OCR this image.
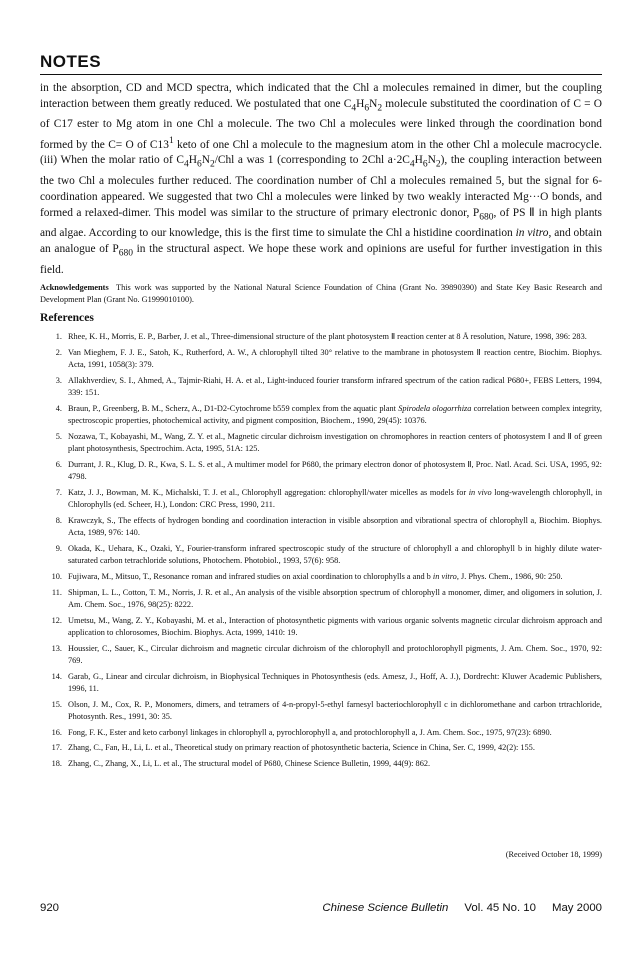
NOTES

in the absorption, CD and MCD spectra, which indicated that the Chl a molecules remained in dimer, but the coupling interaction between them greatly reduced. We postulated that one $C_4H_6N_2$ molecule substituted the coordination of C = O of C17 ester to Mg atom in one Chl a molecule. The two Chl a molecules were linked through the coordination bond formed by the C= O of $C13^1$ keto of one Chl a molecule to the magnesium atom in the other Chl a molecule macrocycle. (iii) When the molar ratio of $C_4H_6N_2$/Chl a was 1 (corresponding to 2Chl $a\cdot 2C_4H_6N_2$), the coupling interaction between the two Chl a molecules further reduced. The coordination number of Chl a molecules remained 5, but the signal for 6-coordination appeared. We suggested that two Chl a molecules were linked by two weakly interacted Mg···O bonds, and formed a relaxed-dimer. This model was similar to the structure of primary electronic donor, $P_{680}$, of PS Ⅱ in high plants and algae. According to our knowledge, this is the first time to simulate the Chl a histidine coordination in vitro, and obtain an analogue of $P_{680}$ in the structural aspect. We hope these work and opinions are useful for further investigation in this field.

Acknowledgements This work was supported by the National Natural Science Foundation of China (Grant No. 39890390) and State Key Basic Research and Development Plan (Grant No. G1999010100).

References
1. Rhee, K. H., Morris, E. P., Barber, J. et al., Three-dimensional structure of the plant photosystem Ⅱ reaction center at 8 Å resolution, Nature, 1998, 396: 283.
2. Van Mieghem, F. J. E., Satoh, K., Rutherford, A. W., A chlorophyll tilted 30° relative to the mambrane in photosystem Ⅱ reaction centre, Biochim. Biophys. Acta, 1991, 1058(3): 379.
3. Allakhverdiev, S. I., Ahmed, A., Tajmir-Riahi, H. A. et al., Light-induced fourier transform infrared spectrum of the cation radical P680+, FEBS Letters, 1994, 339: 151.
4. Braun, P., Greenberg, B. M., Scherz, A., D1-D2-Cytochrome b559 complex from the aquatic plant Spirodela ologorrhiza correlation between complex integrity, spectroscopic properties, photochemical activity, and pigment composition, Biochem., 1990, 29(45): 10376.
5. Nozawa, T., Kobayashi, M., Wang, Z. Y. et al., Magnetic circular dichroism investigation on chromophores in reaction centers of photosystem Ⅰ and Ⅱ of green plant photosynthesis, Spectrochim. Acta, 1995, 51A: 125.
6. Durrant, J. R., Klug, D. R., Kwa, S. L. S. et al., A multimer model for P680, the primary electron donor of photosystem Ⅱ, Proc. Natl. Acad. Sci. USA, 1995, 92: 4798.
7. Katz, J. J., Bowman, M. K., Michalski, T. J. et al., Chlorophyll aggregation: chlorophyll/water micelles as models for in vivo long-wavelength chlorophyll, in Chlorophylls (ed. Scheer, H.), London: CRC Press, 1990, 211.
8. Krawczyk, S., The effects of hydrogen bonding and coordination interaction in visible absorption and vibrational spectra of chlorophyll a, Biochim. Biophys. Acta, 1989, 976: 140.
9. Okada, K., Uehara, K., Ozaki, Y., Fourier-transform infrared spectroscopic study of the structure of chlorophyll a and chlorophyll b in highly dilute water-saturated carbon tetrachloride solutions, Photochem. Photobiol., 1993, 57(6): 958.
10. Fujiwara, M., Mitsuo, T., Resonance roman and infrared studies on axial coordination to chlorophylls a and b in vitro, J. Phys. Chem., 1986, 90: 250.
11. Shipman, L. L., Cotton, T. M., Norris, J. R. et al., An analysis of the visible absorption spectrum of chlorophyll a monomer, dimer, and oligomers in solution, J. Am. Chem. Soc., 1976, 98(25): 8222.
12. Umetsu, M., Wang, Z. Y., Kobayashi, M. et al., Interaction of photosynthetic pigments with various organic solvents magnetic circular dichroism approach and application to chlorosomes, Biochim. Biophys. Acta, 1999, 1410: 19.
13. Houssier, C., Sauer, K., Circular dichroism and magnetic circular dichroism of the chlorophyll and protochlorophyll pigments, J. Am. Chem. Soc., 1970, 92: 769.
14. Garab, G., Linear and circular dichroism, in Biophysical Techniques in Photosynthesis (eds. Amesz, J., Hoff, A. J.), Dordrecht: Kluwer Academic Publishers, 1996, 11.
15. Olson, J. M., Cox, R. P., Monomers, dimers, and tetramers of 4-n-propyl-5-ethyl farnesyl bacteriochlorophyll c in dichloromethane and carbon trtrachloride, Photosynth. Res., 1991, 30: 35.
16. Fong, F. K., Ester and keto carbonyl linkages in chlorophyll a, pyrochlorophyll a, and protochlorophyll a, J. Am. Chem. Soc., 1975, 97(23): 6890.
17. Zhang, C., Fan, H., Li, L. et al., Theoretical study on primary reaction of photosynthetic bacteria, Science in China, Ser. C, 1999, 42(2): 155.
18. Zhang, C., Zhang, X., Li, L. et al., The structural model of P680, Chinese Science Bulletin, 1999, 44(9): 862.
(Received October 18, 1999)
920	Chinese Science Bulletin Vol. 45 No. 10 May 2000
